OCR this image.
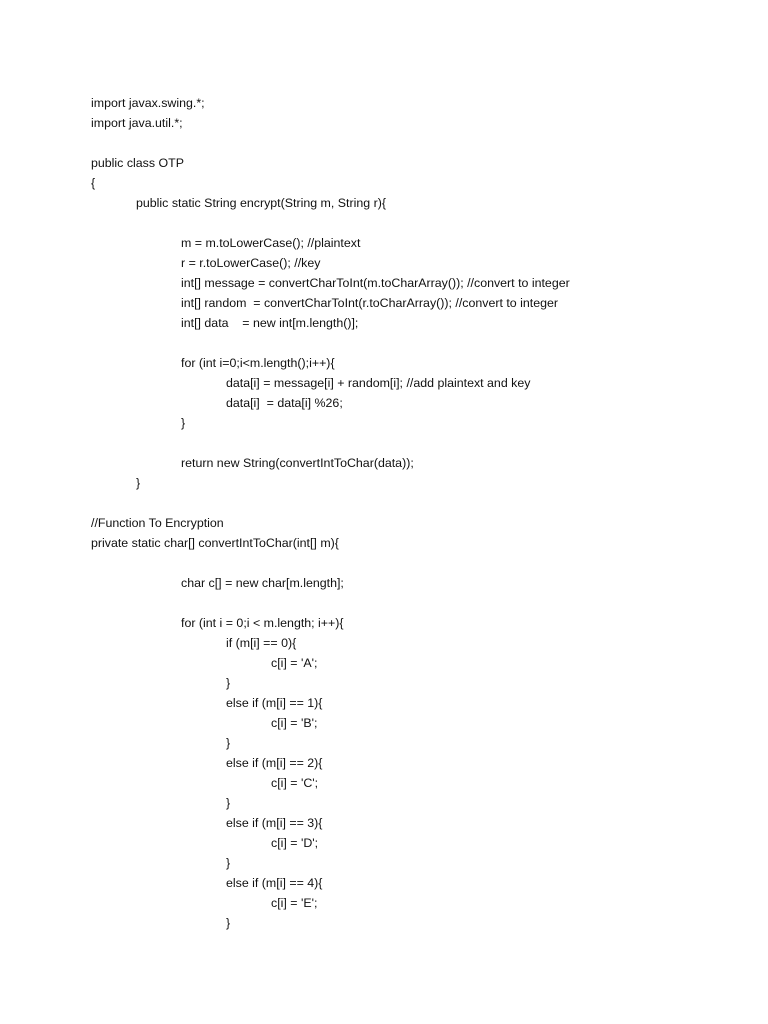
import javax.swing.*;
import java.util.*;
public class OTP
{
public static String encrypt(String m, String r){
m = m.toLowerCase(); //plaintext
r = r.toLowerCase(); //key
int[] message = convertCharToInt(m.toCharArray()); //convert to integer
int[] random  = convertCharToInt(r.toCharArray()); //convert to integer
int[] data    = new int[m.length()];
for (int i=0;i<m.length();i++){
data[i] = message[i] + random[i]; //add plaintext and key
data[i]  = data[i] %26;
}
return new String(convertIntToChar(data));
}
//Function To Encryption
private static char[] convertIntToChar(int[] m){
char c[] = new char[m.length];
for (int i = 0;i < m.length; i++){
if (m[i] == 0){
c[i] = 'A';
}
else if (m[i] == 1){
c[i] = 'B';
}
else if (m[i] == 2){
c[i] = 'C';
}
else if (m[i] == 3){
c[i] = 'D';
}
else if (m[i] == 4){
c[i] = 'E';
}
